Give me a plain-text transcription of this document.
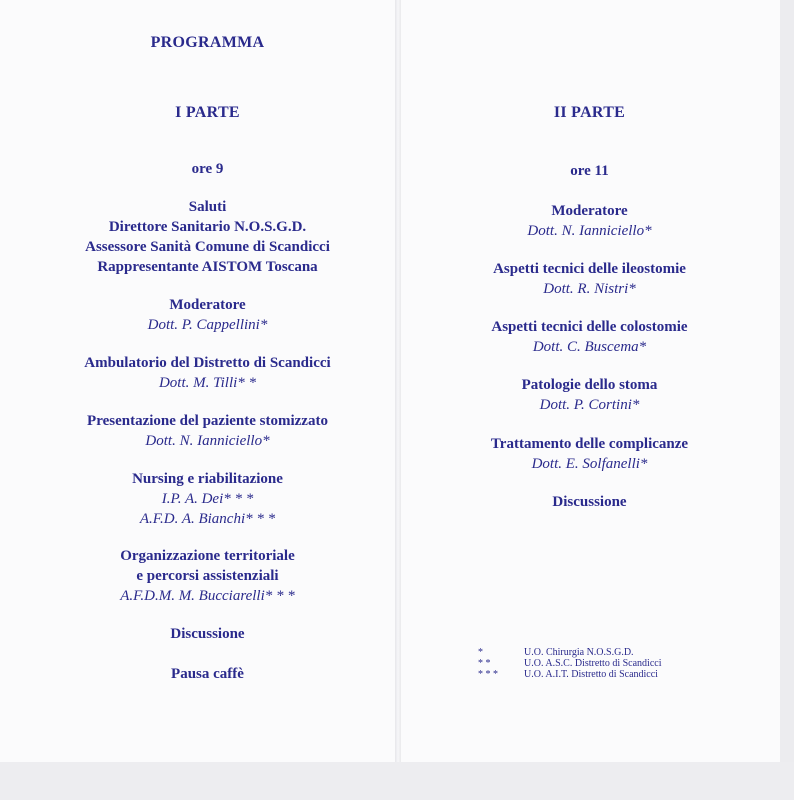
PROGRAMMA
I PARTE
ore 9
Saluti
Direttore Sanitario N.O.S.G.D.
Assessore Sanità Comune di Scandicci
Rappresentante AISTOM Toscana
Moderatore
Dott. P. Cappellini*
Ambulatorio del Distretto di Scandicci
Dott. M. Tilli* *
Presentazione del paziente stomizzato
Dott. N. Ianniciello*
Nursing e riabilitazione
I.P. A. Dei* * *
A.F.D. A. Bianchi* * *
Organizzazione territoriale
e percorsi assistenziali
A.F.D.M. M. Bucciarelli* * *
Discussione
Pausa caffè
II PARTE
ore 11
Moderatore
Dott. N. Ianniciello*
Aspetti tecnici delle ileostomie
Dott. R. Nistri*
Aspetti tecnici delle colostomie
Dott. C. Buscema*
Patologie dello stoma
Dott. P. Cortini*
Trattamento delle complicanze
Dott. E. Solfanelli*
Discussione
*	U.O. Chirurgia N.O.S.G.D.
* *	U.O. A.S.C. Distretto di Scandicci
* * *	U.O. A.I.T. Distretto di Scandicci
